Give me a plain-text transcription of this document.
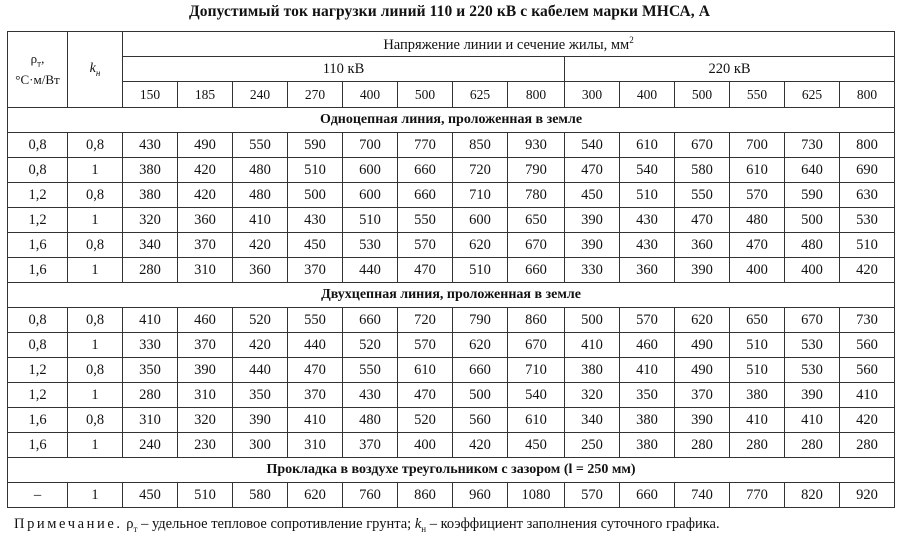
Допустимый ток нагрузки линий 110 и 220 кВ с кабелем марки МНСА, А
$\rho_т$,
°С·м/Вт	$k_н$	Напряжение линии и сечение жилы, $мм^2$
		110 кВ								220 кВ					
		150	185	240	270	400	500	625	800	300	400	500	550	625	800
Одноцепная линия, проложенная в земле															
0,8	0,8	430	490	550	590	700	770	850	930	540	610	670	700	730	800
0,8	1	380	420	480	510	600	660	720	790	470	540	580	610	640	690
1,2	0,8	380	420	480	500	600	660	710	780	450	510	550	570	590	630
1,2	1	320	360	410	430	510	550	600	650	390	430	470	480	500	530
1,6	0,8	340	370	420	450	530	570	620	670	390	430	360	470	480	510
1,6	1	280	310	360	370	440	470	510	660	330	360	390	400	400	420
Двухцепная линия, проложенная в земле															
0,8	0,8	410	460	520	550	660	720	790	860	500	570	620	650	670	730
0,8	1	330	370	420	440	520	570	620	670	410	460	490	510	530	560
1,2	0,8	350	390	440	470	550	610	660	710	380	410	490	510	530	560
1,2	1	280	310	350	370	430	470	500	540	320	350	370	380	390	410
1,6	0,8	310	320	390	410	480	520	560	610	340	380	390	410	410	420
1,6	1	240	230	300	310	370	400	420	450	250	380	280	280	280	280
Прокладка в воздухе треугольником с зазором (l = 250 мм)															
–	1	450	510	580	620	760	860	960	1080	570	660	740	770	820	920
Примечание. $\rho_т$ – удельное тепловое сопротивление грунта; $k_н$ – коэффициент заполнения суточного графика.
